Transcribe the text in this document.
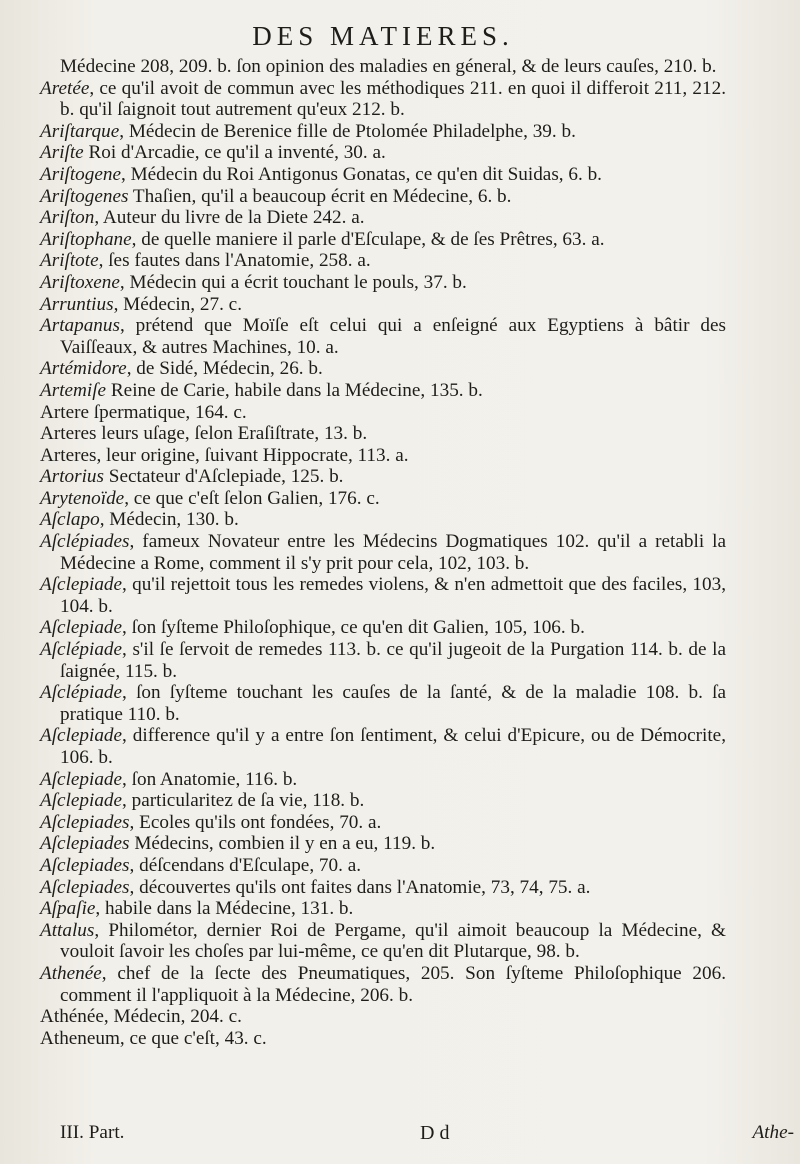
DES MATIERES.
Médecine 208, 209. b. ſon opinion des maladies en géneral, & de leurs cauſes, 210. b.
Aretée, ce qu'il avoit de commun avec les méthodiques 211. en quoi il differoit 211, 212. b. qu'il ſaignoit tout autrement qu'eux 212. b.
Ariſtarque, Médecin de Berenice fille de Ptolomée Philadelphe, 39. b.
Ariſte Roi d'Arcadie, ce qu'il a inventé, 30. a.
Ariſtogene, Médecin du Roi Antigonus Gonatas, ce qu'en dit Suidas, 6. b.
Ariſtogenes Thaſien, qu'il a beaucoup écrit en Médecine, 6. b.
Ariſton, Auteur du livre de la Diete 242. a.
Ariſtophane, de quelle maniere il parle d'Eſculape, & de ſes Prêtres, 63. a.
Ariſtote, ſes fautes dans l'Anatomie, 258. a.
Ariſtoxene, Médecin qui a écrit touchant le pouls, 37. b.
Arruntius, Médecin, 27. c.
Artapanus, prétend que Moïſe eſt celui qui a enſeigné aux Egyptiens à bâtir des Vaiſſeaux, & autres Machines, 10. a.
Artémidore, de Sidé, Médecin, 26. b.
Artemiſe Reine de Carie, habile dans la Médecine, 135. b.
Artere ſpermatique, 164. c.
Arteres leurs uſage, ſelon Eraſiſtrate, 13. b.
Arteres, leur origine, ſuivant Hippocrate, 113. a.
Artorius Sectateur d'Aſclepiade, 125. b.
Arytenoïde, ce que c'eſt ſelon Galien, 176. c.
Aſclapo, Médecin, 130. b.
Aſclépiades, fameux Novateur entre les Médecins Dogmatiques 102. qu'il a retabli la Médecine a Rome, comment il s'y prit pour cela, 102, 103. b.
Aſclepiade, qu'il rejettoit tous les remedes violens, & n'en admettoit que des faciles, 103, 104. b.
Aſclepiade, ſon ſyſteme Philoſophique, ce qu'en dit Galien, 105, 106. b.
Aſclépiade, s'il ſe ſervoit de remedes 113. b. ce qu'il jugeoit de la Purgation 114. b. de la ſaignée, 115. b.
Aſclépiade, ſon ſyſteme touchant les cauſes de la ſanté, & de la maladie 108. b. ſa pratique 110. b.
Aſclepiade, difference qu'il y a entre ſon ſentiment, & celui d'Epicure, ou de Démocrite, 106. b.
Aſclepiade, ſon Anatomie, 116. b.
Aſclepiade, particularitez de ſa vie, 118. b.
Aſclepiades, Ecoles qu'ils ont fondées, 70. a.
Aſclepiades Médecins, combien il y en a eu, 119. b.
Aſclepiades, déſcendans d'Eſculape, 70. a.
Aſclepiades, découvertes qu'ils ont faites dans l'Anatomie, 73, 74, 75. a.
Aſpaſie, habile dans la Médecine, 131. b.
Attalus, Philométor, dernier Roi de Pergame, qu'il aimoit beaucoup la Médecine, & vouloit ſavoir les choſes par lui-même, ce qu'en dit Plutarque, 98. b.
Athenée, chef de la ſecte des Pneumatiques, 205. Son ſyſteme Philoſophique 206. comment il l'appliquoit à la Médecine, 206. b.
Athénée, Médecin, 204. c.
Atheneum, ce que c'eſt, 43. c.
III. Part.	D d	Athe-
